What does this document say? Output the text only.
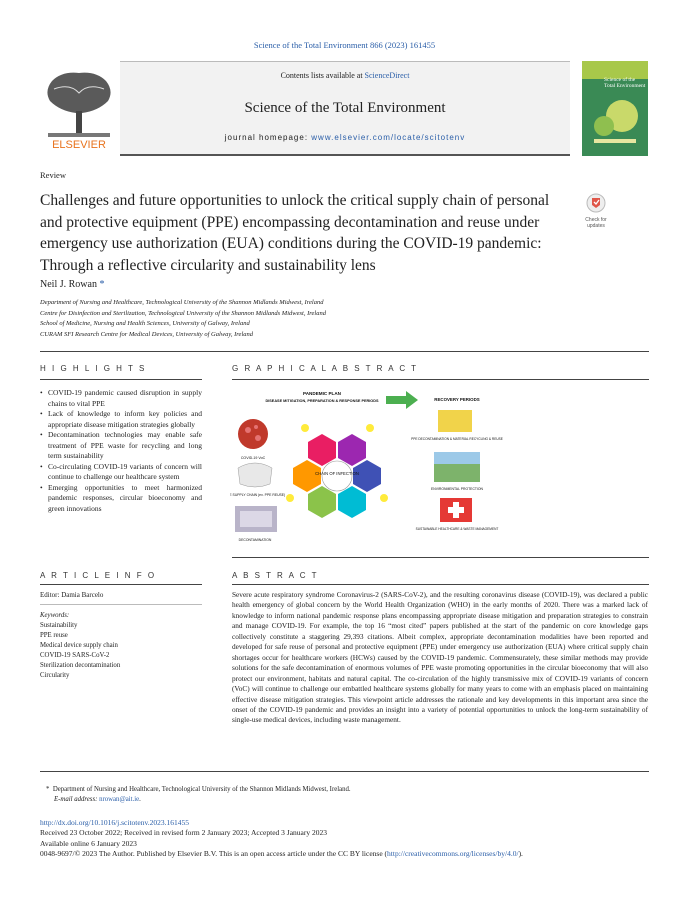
Science of the Total Environment 866 (2023) 161455
ELSEVIER
Contents lists available at ScienceDirect
Science of the Total Environment
journal homepage: www.elsevier.com/locate/scitotenv
Science of the Total Environment
Review
Challenges and future opportunities to unlock the critical supply chain of personal and protective equipment (PPE) encompassing decontamination and reuse under emergency use authorization (EUA) conditions during the COVID-19 pandemic: Through a reflective circularity and sustainability lens
Check for updates
Neil J. Rowan *
Department of Nursing and Healthcare, Technological University of the Shannon Midlands Midwest, Ireland
Centre for Disinfection and Sterilization, Technological University of the Shannon Midlands Midwest, Ireland
School of Medicine, Nursing and Health Sciences, University of Galway, Ireland
CURAM SFI Research Centre for Medical Devices, University of Galway, Ireland
H I G H L I G H T S
• COVID-19 pandemic caused disruption in supply chains to vital PPE
• Lack of knowledge to inform key policies and appropriate disease mitigation strategies globally
• Decontamination technologies may enable safe treatment of PPE waste for recycling and long term sustainability
• Co-circulating COVID-19 variants of concern will continue to challenge our healthcare system
• Emerging opportunities to meet harmonized pandemic responses, circular bioeconomy and green innovations
G R A P H I C A L A B S T R A C T
PANDEMIC PLAN
DISEASE MITIGATION, PREPARATION & RESPONSE PERIODS	RECOVERY PERIODS
COVID-19 VoC
PPE SUPPLY CHAIN (ex. PPE REUSE)
DECONTAMINATION
CHAIN OF INFECTION
PPE DECONTAMINATION & MATERIAL RECYCLING & REUSE
ENVIRONMENTAL PROTECTION
SUSTAINABLE HEALTHCARE & WASTE MANAGEMENT
A R T I C L E I N F O
Editor: Damia Barcelo
Keywords:
Sustainability
PPE reuse
Medical device supply chain
COVID-19 SARS-CoV-2
Sterilization decontamination
Circularity
A B S T R A C T
Severe acute respiratory syndrome Coronavirus-2 (SARS-CoV-2), and the resulting coronavirus disease (COVID-19), was declared a public health emergency of global concern by the World Health Organization (WHO) in the early months of 2020. There was a marked lack of knowledge to inform national pandemic response plans encompassing appropriate disease mitigation and preparation strategies to constrain and manage COVID-19. For example, the top 16 “most cited” papers published at the start of the pandemic on core knowledge gaps collectively constitute a staggering 29,393 citations. Albeit complex, appropriate decontamination modalities have been reported and developed for safe reuse of personal and protective equipment (PPE) under emergency use authorization (EUA) where critical supply chain shortages occur for healthcare workers (HCWs) caused by the COVID-19 pandemic. Commensurately, these similar methods may provide solutions for the safe decontamination of enormous volumes of PPE waste promoting opportunities in the circular bioeconomy that will also protect our environment, habitats and natural capital. The co-circulation of the highly transmissive mix of COVID-19 variants of concern (VoC) will continue to challenge our embattled healthcare systems globally for many years to come with an emphasis placed on maintaining effective disease mitigation strategies. This viewpoint article addresses the rationale and key developments in this important area since the onset of the COVID-19 pandemic and provides an insight into a variety of potential opportunities to unlock the long-term sustainability of single-use medical devices, including waste management.
* Department of Nursing and Healthcare, Technological University of the Shannon Midlands Midwest, Ireland.
E-mail address: nrowan@ait.ie.
http://dx.doi.org/10.1016/j.scitotenv.2023.161455
Received 23 October 2022; Received in revised form 2 January 2023; Accepted 3 January 2023
Available online 6 January 2023
0048-9697/© 2023 The Author. Published by Elsevier B.V. This is an open access article under the CC BY license (http://creativecommons.org/licenses/by/4.0/).
